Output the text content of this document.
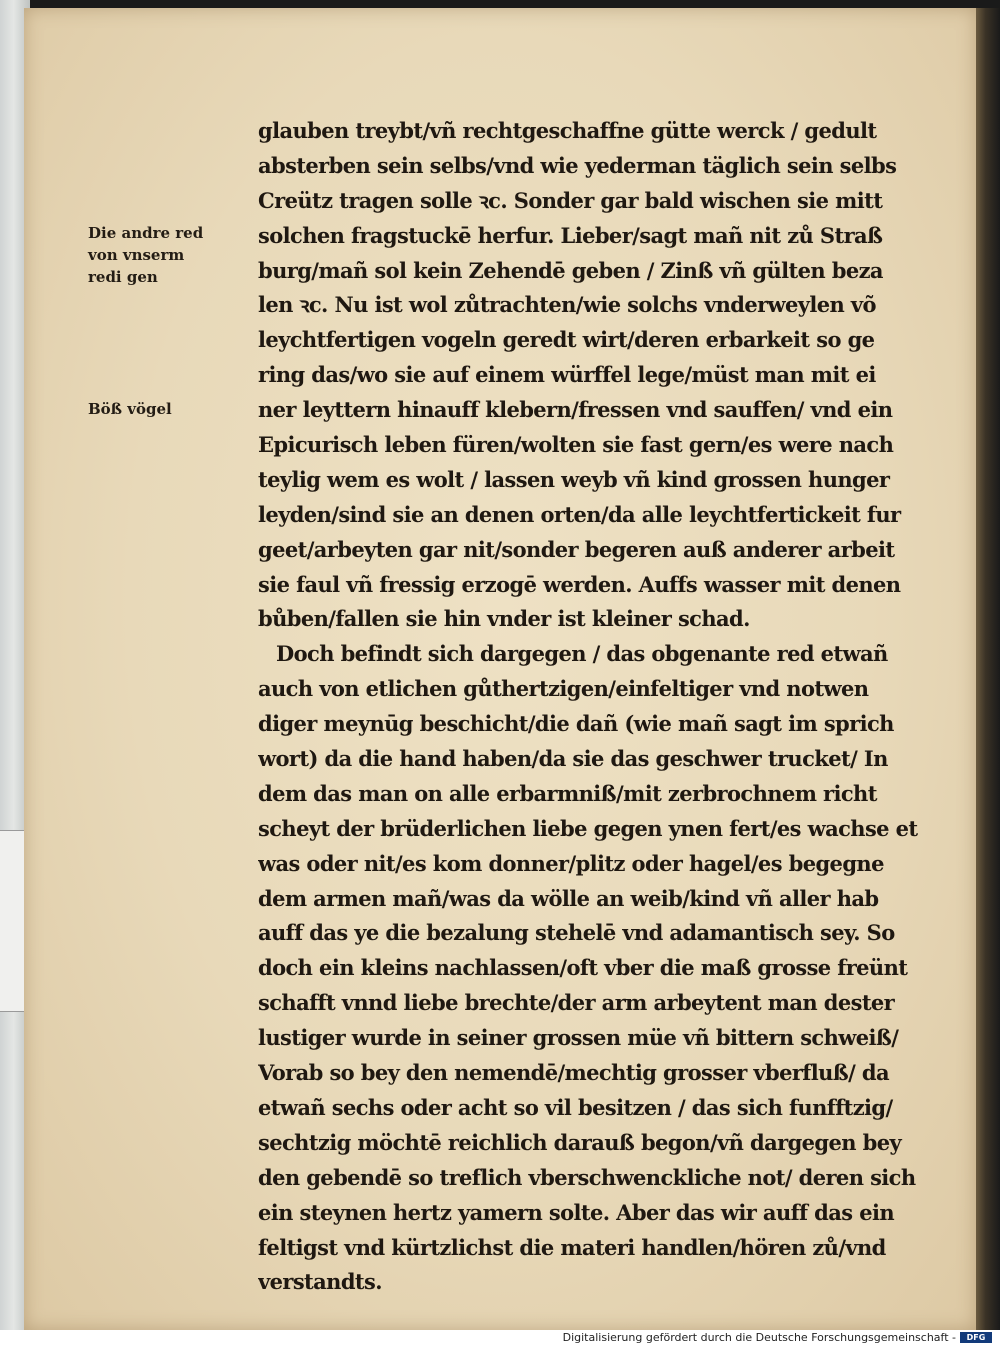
Die andre red
von vnserm
redi gen
Böß vögel
glauben treybt/vñ rechtgeschaffne gütte werck / gedult
absterben sein selbs/vnd wie yederman täglich sein selbs
Creütz tragen solle ꝛc. Sonder gar bald wischen sie mitt
solchen fragstuckē herfur. Lieber/sagt mañ nit zů Straß
burg/mañ sol kein Zehendē geben / Zinß vñ gülten beza
len ꝛc. Nu ist wol zůtrachten/wie solchs vnderweylen võ
leychtfertigen vogeln geredt wirt/deren erbarkeit so ge
ring das/wo sie auf einem würffel lege/müst man mit ei
ner leyttern hinauff klebern/fressen vnd sauffen/ vnd ein
Epicurisch leben füren/wolten sie fast gern/es were nach
teylig wem es wolt / lassen weyb vñ kind grossen hunger
leyden/sind sie an denen orten/da alle leychtfertickeit fur
geet/arbeyten gar nit/sonder begeren auß anderer arbeit
sie faul vñ fressig erzogē werden. Auffs wasser mit denen
bůben/fallen sie hin vnder ist kleiner schad.
Doch befindt sich dargegen / das obgenante red etwañ
auch von etlichen gůthertzigen/einfeltiger vnd notwen
diger meynūg beschicht/die dañ (wie mañ sagt im sprich
wort) da die hand haben/da sie das geschwer trucket/ In
dem das man on alle erbarmniß/mit zerbrochnem richt
scheyt der brüderlichen liebe gegen ynen fert/es wachse et
was oder nit/es kom donner/plitz oder hagel/es begegne
dem armen mañ/was da wölle an weib/kind vñ aller hab
auff das ye die bezalung stehelē vnd adamantisch sey. So
doch ein kleins nachlassen/oft vber die maß grosse freünt
schafft vnnd liebe brechte/der arm arbeytent man dester
lustiger wurde in seiner grossen müe vñ bittern schweiß/
Vorab so bey den nemendē/mechtig grosser vberfluß/ da
etwañ sechs oder acht so vil besitzen / das sich funfftzig/
sechtzig möchtē reichlich darauß begon/vñ dargegen bey
den gebendē so treflich vberschwenckliche not/ deren sich
ein steynen hertz yamern solte. Aber das wir auff das ein
feltigst vnd kürtzlichst die materi handlen/hören zů/vnd
verstandts.
Digitalisierung gefördert durch die Deutsche Forschungsgemeinschaft -	DFG
